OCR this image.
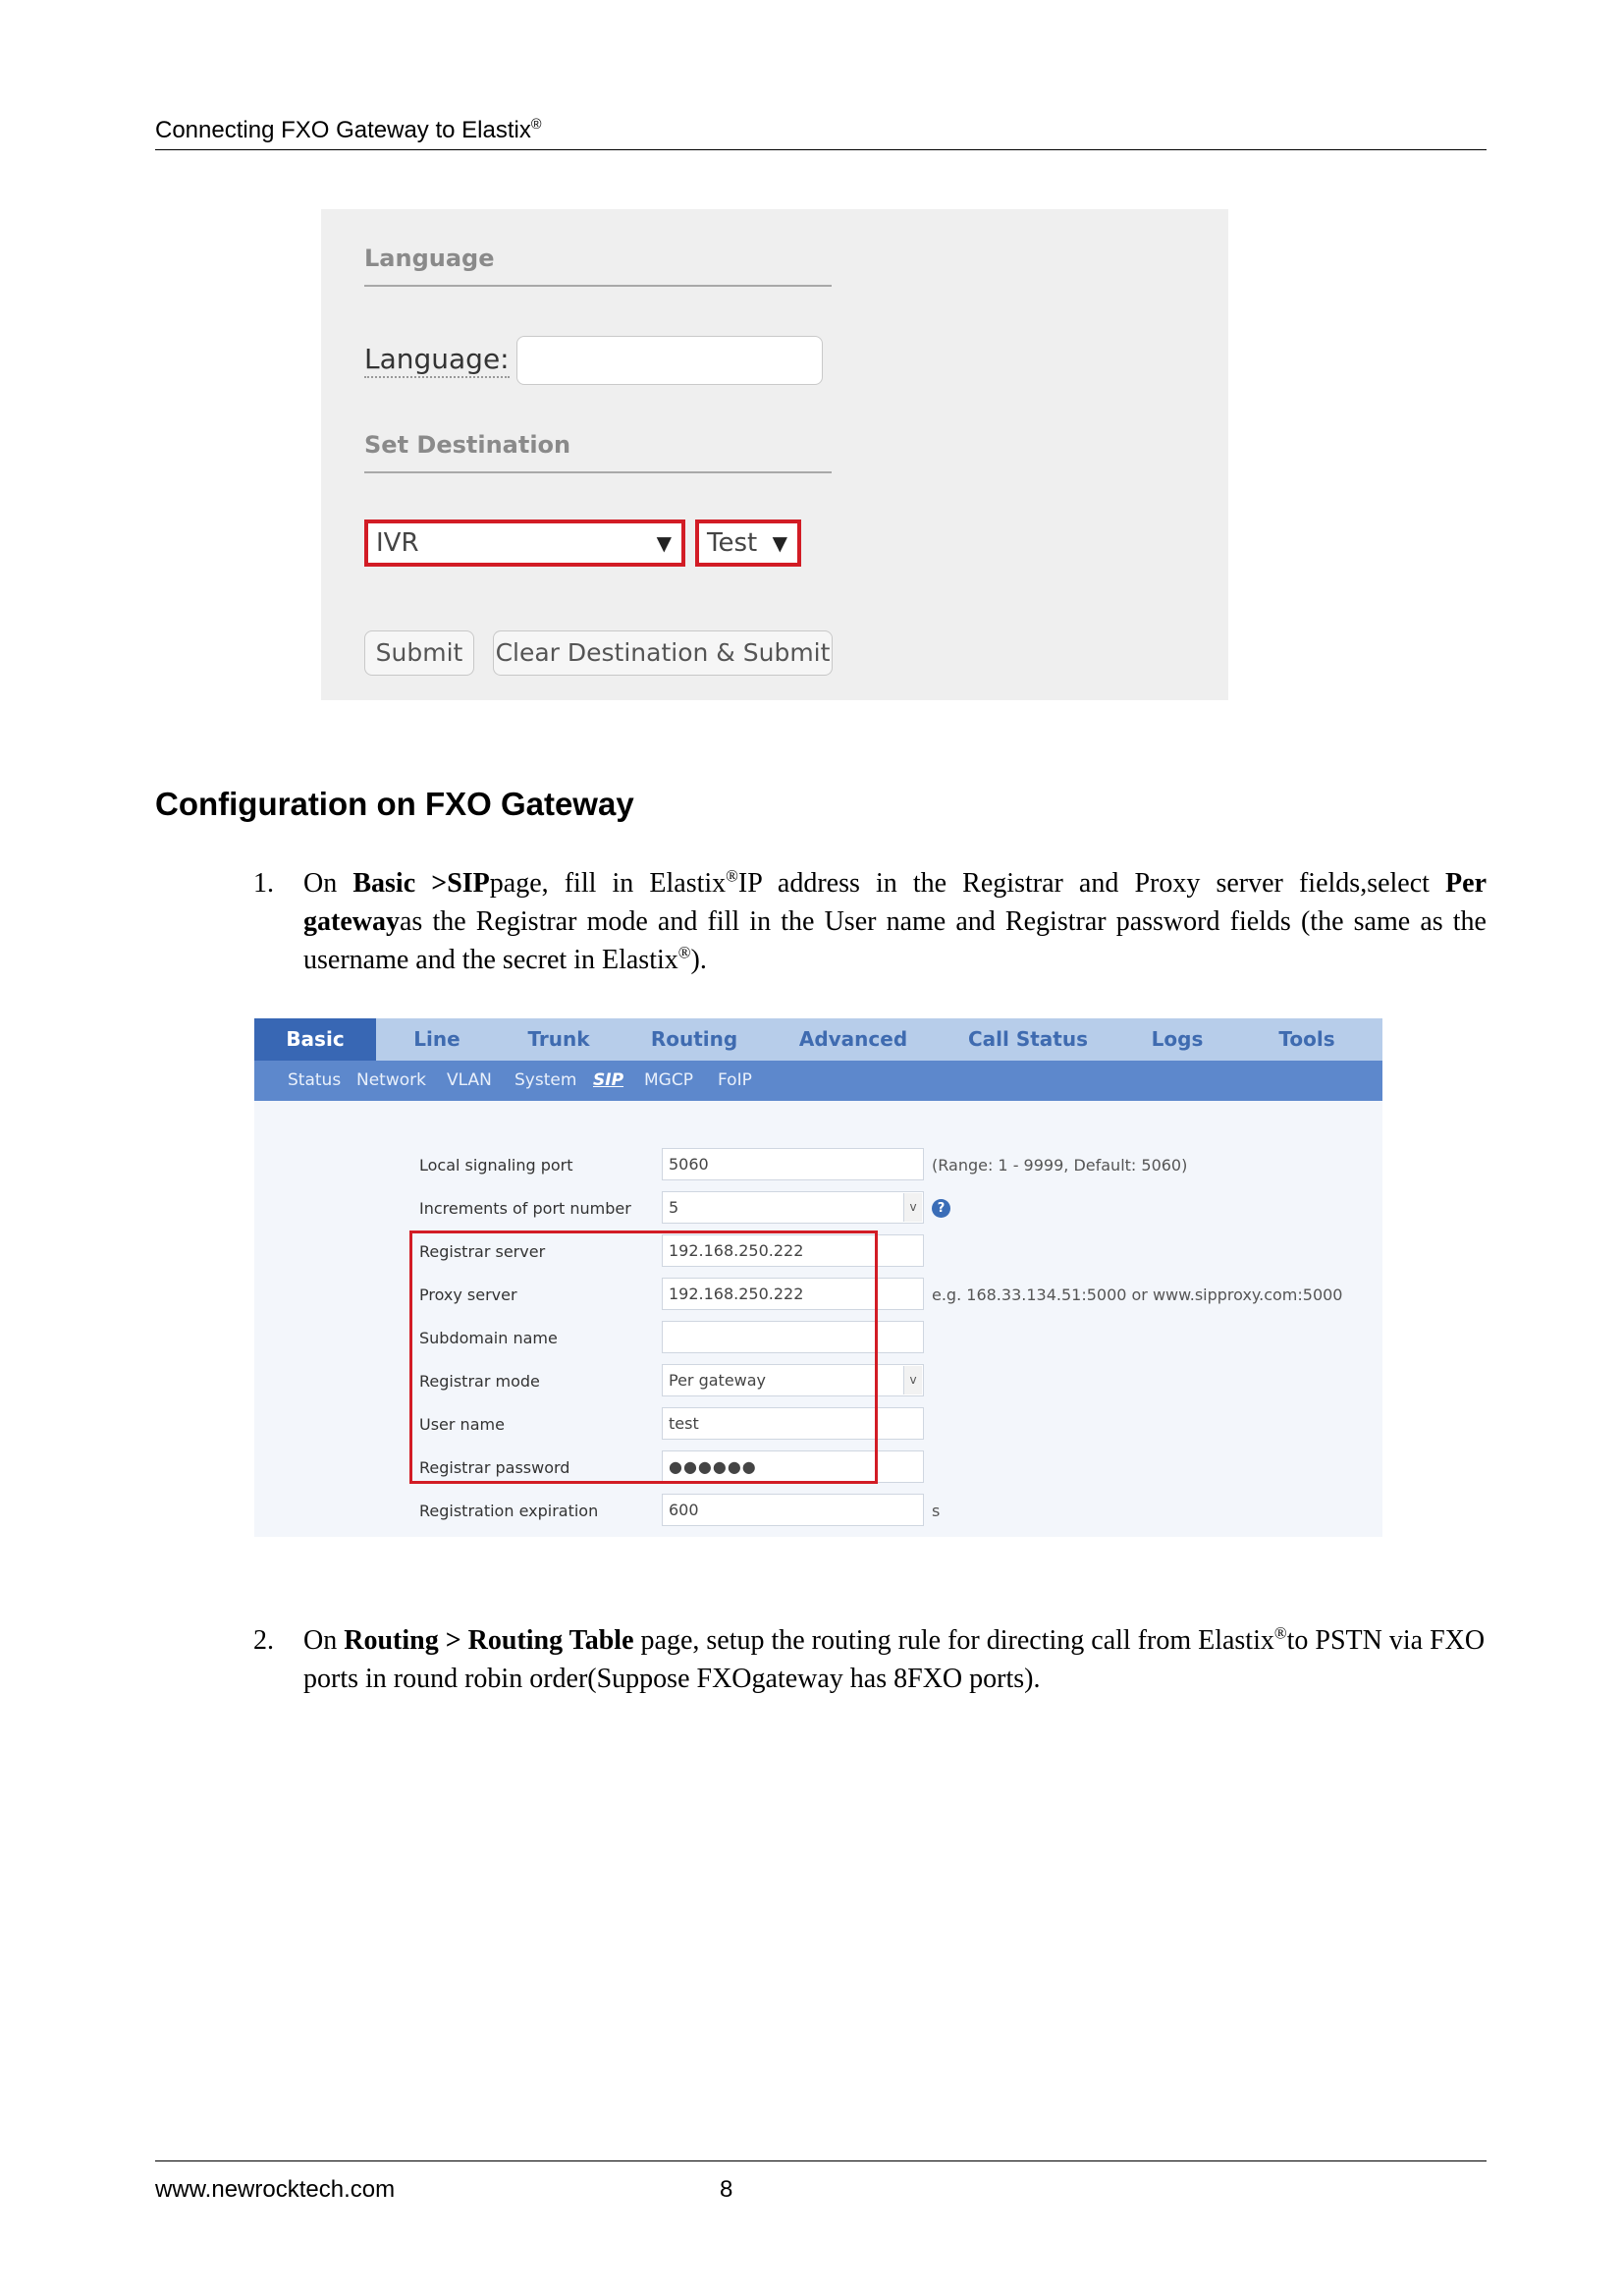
Connecting FXO Gateway to Elastix®
Language
Language:
Set Destination
IVR	▼	Test ▼
Submit	Clear Destination & Submit
Configuration on FXO Gateway
1. On Basic >SIPpage, fill in Elastix®IP address in the Registrar and Proxy server fields,select Per gatewayas the Registrar mode and fill in the User name and Registrar password fields (the same as the username and the secret in Elastix®).
Basic	Line	Trunk	Routing	Advanced	Call Status	Logs	Tools
Status Network VLAN System SIP MGCP FoIP
Local signaling port	5060	(Range: 1 - 9999, Default: 5060)
Increments of port number	5	v	?
Registrar server	192.168.250.222
Proxy server	192.168.250.222	e.g. 168.33.134.51:5000 or www.sipproxy.com:5000
Subdomain name
Registrar mode	Per gateway	v
User name	test
Registrar password	●●●●●●
Registration expiration	600	s
2. On Routing > Routing Table page, setup the routing rule for directing call from Elastix®to PSTN via FXO ports in round robin order(Suppose FXOgateway has 8FXO ports).
www.newrocktech.com	8
